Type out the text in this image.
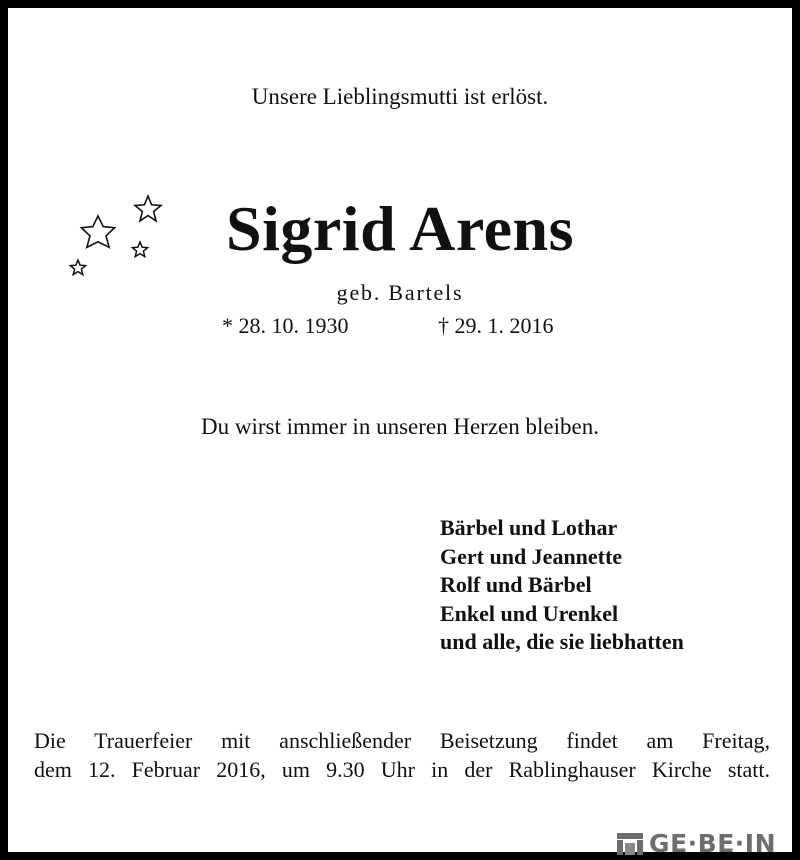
Unsere Lieblingsmutti ist erlöst.
Sigrid Arens
geb. Bartels
* 28. 10. 1930	† 29. 1. 2016
Du wirst immer in unseren Herzen bleiben.
Bärbel und Lothar
Gert und Jeannette
Rolf und Bärbel
Enkel und Urenkel
und alle, die sie liebhatten
Die Trauerfeier mit anschließender Beisetzung findet am Freitag,
dem 12. Februar 2016, um 9.30 Uhr in der Rablinghauser Kirche statt.
GE·BE·IN
